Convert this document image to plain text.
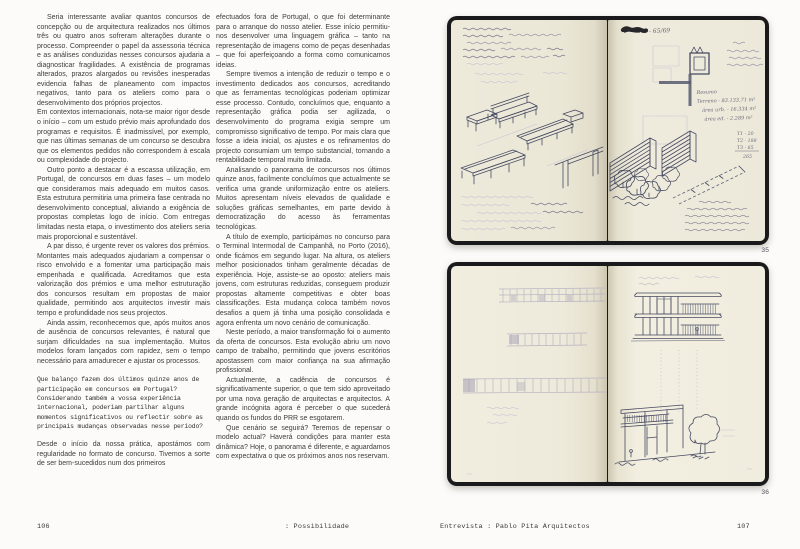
Seria interessante avaliar quantos concursos de concepção ou de arquitectura realizados nos últimos três ou quatro anos sofreram alterações durante o processo. Compreender o papel da assessoria técnica e as análises conduzidas nesses concursos ajudaria a diagnosticar fragilidades. A existência de programas alterados, prazos alargados ou revisões inesperadas evidencia falhas de planeamento com impactos negativos, tanto para os ateliers como para o desenvolvimento dos próprios projectos.

Em contextos internacionais, nota-se maior rigor desde o início – com um estudo prévio mais aprofundado dos programas e requisitos. É inadmissível, por exemplo, que nas últimas semanas de um concurso se descubra que os elementos pedidos não correspondem à escala ou complexidade do projecto.

Outro ponto a destacar é a escassa utilização, em Portugal, de concursos em duas fases – um modelo que consideramos mais adequado em muitos casos. Esta estrutura permitiria uma primeira fase centrada no desenvolvimento conceptual, aliviando a exigência de propostas completas logo de início. Com entregas limitadas nesta etapa, o investimento dos ateliers seria mais proporcional e sustentável.

A par disso, é urgente rever os valores dos prémios. Montantes mais adequados ajudariam a compensar o risco envolvido e a fomentar uma participação mais empenhada e qualificada. Acreditamos que esta valorização dos prémios e uma melhor estruturação dos concursos resultam em propostas de maior qualidade, permitindo aos arquitectos investir mais tempo e profundidade nos seus projectos.

Ainda assim, reconhecemos que, após muitos anos de ausência de concursos relevantes, é natural que surjam dificuldades na sua implementação. Muitos modelos foram lançados com rapidez, sem o tempo necessário para amadurecer e ajustar os processos.

Que balanço fazem dos últimos quinze anos de participação em concursos em Portugal? Considerando também a vossa experiência internacional, poderiam partilhar alguns momentos significativos ou reflectir sobre as principais mudanças observadas nesse período?

Desde o início da nossa prática, apostámos com regularidade no formato de concurso. Tivemos a sorte de ser bem-sucedidos num dos primeiros

efectuados fora de Portugal, o que foi determinante para o arranque do nosso atelier. Esse início permitiu-nos desenvolver uma linguagem gráfica – tanto na representação de imagens como de peças desenhadas – que foi aperfeiçoando a forma como comunicamos ideias.

Sempre tivemos a intenção de reduzir o tempo e o investimento dedicados aos concursos, acreditando que as ferramentas tecnológicas poderiam optimizar esse processo. Contudo, concluímos que, enquanto a representação gráfica podia ser agilizada, o desenvolvimento do programa exigia sempre um compromisso significativo de tempo. Por mais clara que fosse a ideia inicial, os ajustes e os refinamentos do projecto consumiam um tempo substancial, tornando a rentabilidade temporal muito limitada.

Analisando o panorama de concursos nos últimos quinze anos, facilmente concluímos que actualmente se verifica uma grande uniformização entre os ateliers. Muitos apresentam níveis elevados de qualidade e soluções gráficas semelhantes, em parte devido à democratização do acesso às ferramentas tecnológicas.

A título de exemplo, participámos no concurso para o Terminal Intermodal de Campanhã, no Porto (2016), onde ficámos em segundo lugar. Na altura, os ateliers melhor posicionados tinham geralmente décadas de experiência. Hoje, assiste-se ao oposto: ateliers mais jovens, com estruturas reduzidas, conseguem produzir propostas altamente competitivas e obter boas classificações. Esta mudança coloca também novos desafios a quem já tinha uma posição consolidada e agora enfrenta um novo cenário de comunicação.

Neste período, a maior transformação foi o aumento da oferta de concursos. Esta evolução abriu um novo campo de trabalho, permitindo que jovens escritórios apostassem com maior confiança na sua afirmação profissional.

Actualmente, a cadência de concursos é significativamente superior, o que tem sido aproveitado por uma nova geração de arquitectas e arquitectos. A grande incógnita agora é perceber o que sucederá quando os fundos do PRR se esgotarem.

Que cenário se seguirá? Teremos de repensar o modelo actual? Haverá condições para manter esta dinâmica? Hoje, o panorama é diferente, e aguardamos com expectativa o que os próximos anos nos reservam.

106	: Possibilidade	Entrevista : Pablo Pita Arquitectos	107
- 65/69
Resumo
Terreno - 83.133,71 m²
área urb. - 16.334 m²
área ed. - 2.289 m²
T1 - 20
T2 - 188
T3 - 65
265
35
36
